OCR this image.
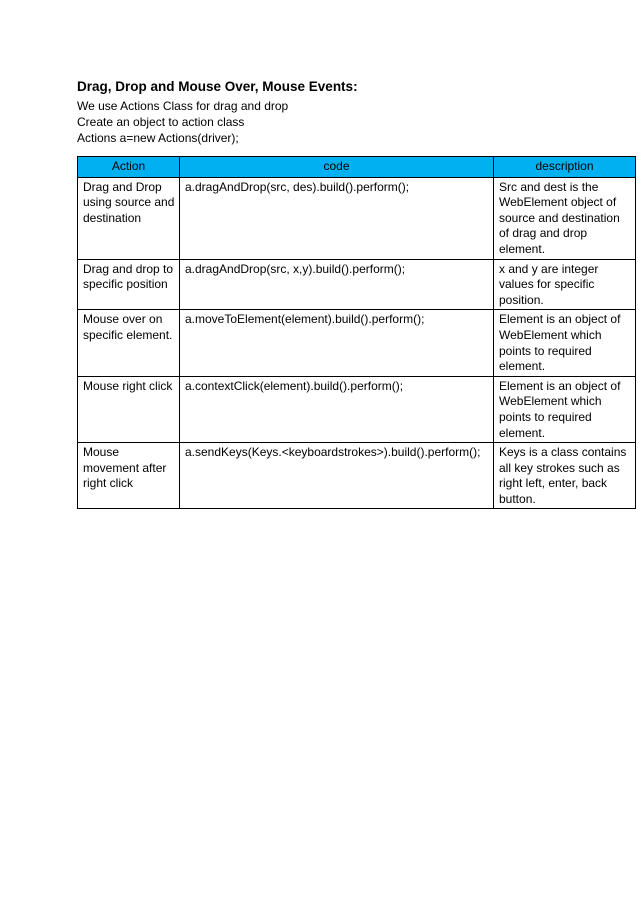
Drag, Drop and Mouse Over, Mouse Events:

We use Actions Class for drag and drop

Create an object to action class

Actions a=new Actions(driver);

Action	code	description
Drag and Drop using source and destination	a.dragAndDrop(src, des).build().perform();	Src and dest is the WebElement object of source and destination of drag and drop element.
Drag and drop to specific position	a.dragAndDrop(src, x,y).build().perform();	x and y are integer values for specific position.
Mouse over on specific element.	a.moveToElement(element).build().perform();	Element is an object of WebElement which points to required element.
Mouse right click	a.contextClick(element).build().perform();	Element is an object of WebElement which points to required element.
Mouse movement after right click	a.sendKeys(Keys.<keyboardstrokes>).build().perform();	Keys is a class contains all key strokes such as right left, enter, back button.
